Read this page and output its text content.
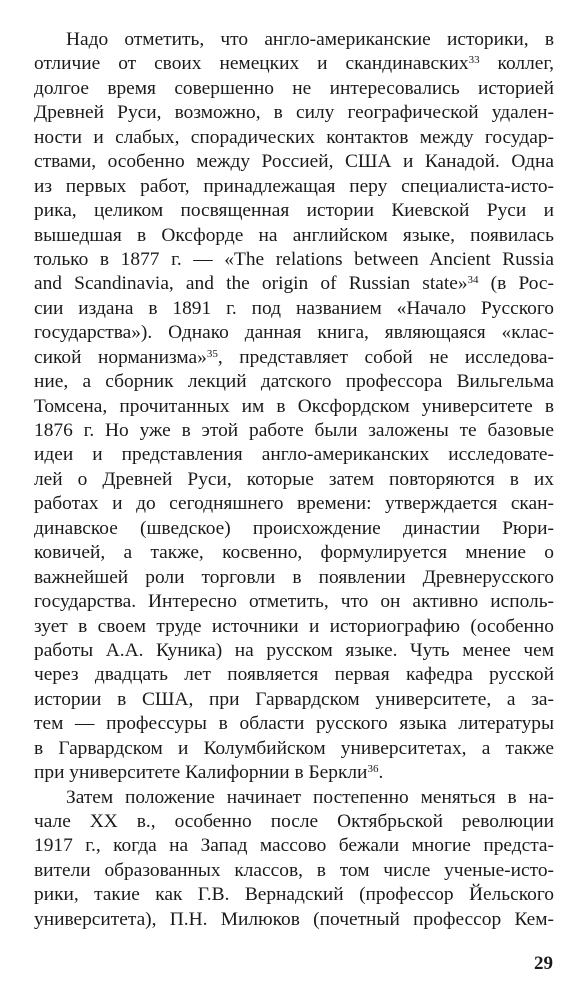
Надо отметить, что англо-американские историки, в
отличие от своих немецких и скандинавских$^{33}$ коллег,
долгое время совершенно не интересовались историей
Древней Руси, возможно, в силу географической удален-
ности и слабых, спорадических контактов между государ-
ствами, особенно между Россией, США и Канадой. Одна
из первых работ, принадлежащая перу специалиста-исто-
рика, целиком посвященная истории Киевской Руси и
вышедшая в Оксфорде на английском языке, появилась
только в 1877 г. — «The relations between Ancient Russia
and Scandinavia, and the origin of Russian state»$^{34}$ (в Рос-
сии издана в 1891 г. под названием «Начало Русского
государства»). Однако данная книга, являющаяся «клас-
сикой норманизма»$^{35}$, представляет собой не исследова-
ние, а сборник лекций датского профессора Вильгельма
Томсена, прочитанных им в Оксфордском университете в
1876 г. Но уже в этой работе были заложены те базовые
идеи и представления англо-американских исследовате-
лей о Древней Руси, которые затем повторяются в их
работах и до сегодняшнего времени: утверждается скан-
динавское (шведское) происхождение династии Рюри-
ковичей, а также, косвенно, формулируется мнение о
важнейшей роли торговли в появлении Древнерусского
государства. Интересно отметить, что он активно исполь-
зует в своем труде источники и историографию (особенно
работы А.А. Куника) на русском языке. Чуть менее чем
через двадцать лет появляется первая кафедра русской
истории в США, при Гарвардском университете, а за-
тем — профессуры в области русского языка литературы
в Гарвардском и Колумбийском университетах, а также
при университете Калифорнии в Беркли$^{36}$.
Затем положение начинает постепенно меняться в на-
чале XX в., особенно после Октябрьской революции
1917 г., когда на Запад массово бежали многие предста-
вители образованных классов, в том числе ученые-исто-
рики, такие как Г.В. Вернадский (профессор Йельского
университета), П.Н. Милюков (почетный профессор Кем-
29
